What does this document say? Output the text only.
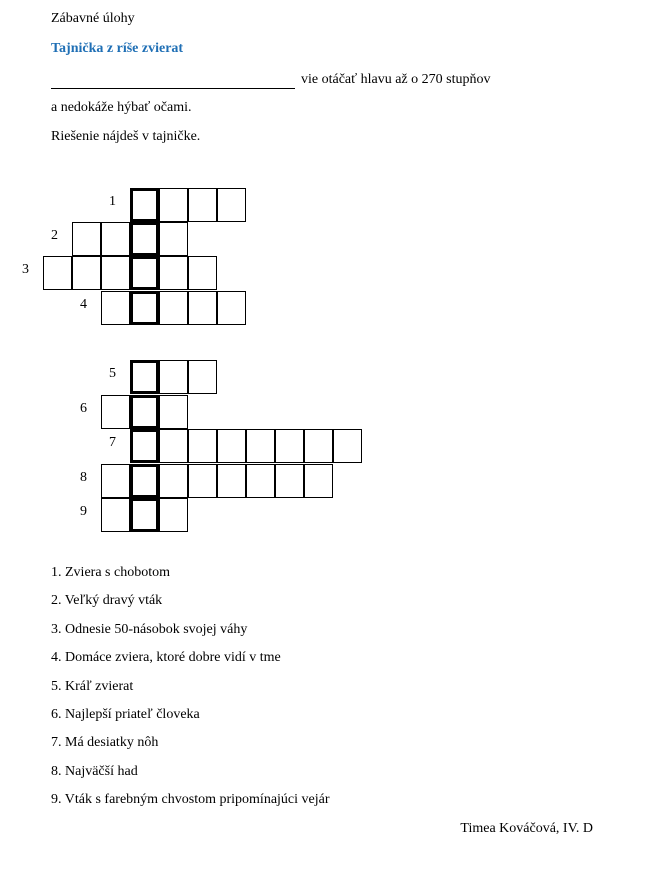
Zábavné úlohy
Tajnička z ríše zvierat
vie otáčať hlavu až o 270 stupňov
a nedokáže hýbať očami.
Riešenie nájdeš v tajničke.
1
2
3
4
5
6
7
8
9
1. Zviera s chobotom
2. Veľký dravý vták
3. Odnesie 50-násobok svojej váhy
4. Domáce zviera, ktoré dobre vidí v tme
5. Kráľ zvierat
6. Najlepší priateľ človeka
7. Má desiatky nôh
8. Najväčší had
9. Vták s farebným chvostom pripomínajúci vejár
Timea Kováčová, IV. D
